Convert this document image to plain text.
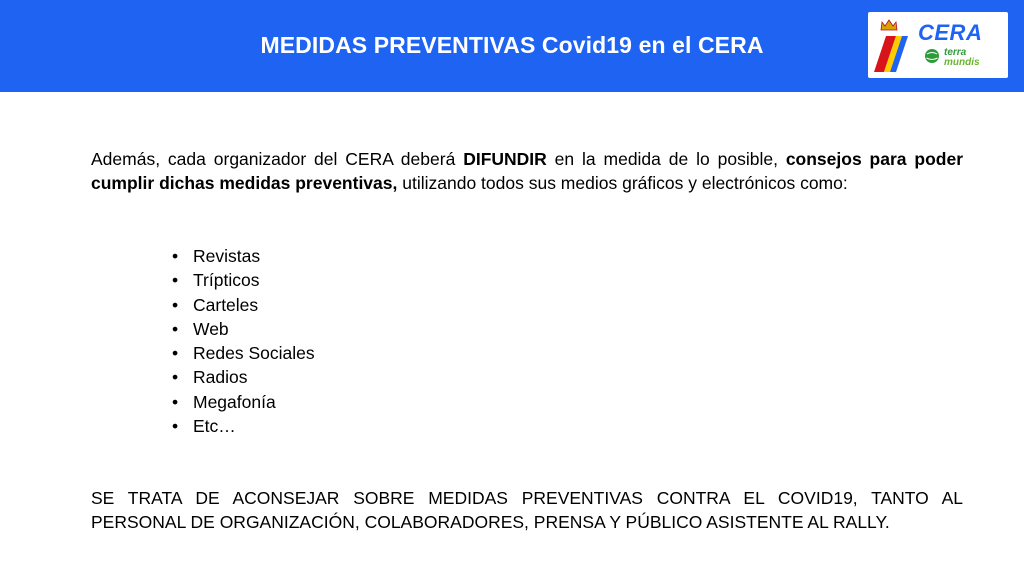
MEDIDAS PREVENTIVAS Covid19 en el CERA	CERA
terra
mundis
Además, cada organizador del CERA deberá DIFUNDIR en la medida de lo posible, consejos para poder cumplir dichas medidas preventivas, utilizando todos sus medios gráficos y electrónicos como:
• Revistas
• Trípticos
• Carteles
• Web
• Redes Sociales
• Radios
• Megafonía
• Etc…
SE TRATA DE ACONSEJAR SOBRE MEDIDAS PREVENTIVAS CONTRA EL COVID19, TANTO AL PERSONAL DE ORGANIZACIÓN, COLABORADORES, PRENSA Y PÚBLICO ASISTENTE AL RALLY.
